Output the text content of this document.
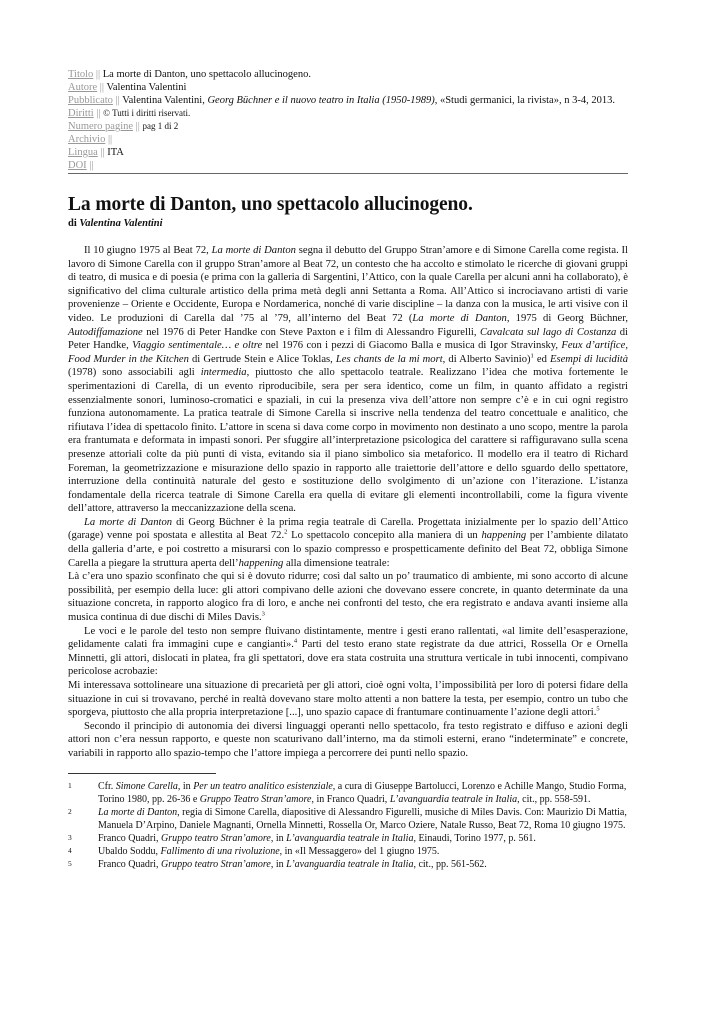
Titolo || La morte di Danton, uno spettacolo allucinogeno.
Autore || Valentina Valentini
Pubblicato || Valentina Valentini, Georg Büchner e il nuovo teatro in Italia (1950-1989), «Studi germanici, la rivista», n 3-4, 2013.
Diritti || © Tutti i diritti riservati.
Numero pagine || pag 1 di 2
Archivio ||
Lingua || ITA
DOI ||
La morte di Danton, uno spettacolo allucinogeno.
di Valentina Valentini

Il 10 giugno 1975 al Beat 72, La morte di Danton segna il debutto del Gruppo Stran’amore e di Simone Carella come regista. Il lavoro di Simone Carella con il gruppo Stran’amore al Beat 72, un contesto che ha accolto e stimolato le ricerche di giovani gruppi di teatro, di musica e di poesia (e prima con la galleria di Sargentini, l’Attico, con la quale Carella per alcuni anni ha collaborato), è significativo del clima culturale artistico della prima metà degli anni Settanta a Roma. All’Attico si incrociavano artisti di varie provenienze – Oriente e Occidente, Europa e Nordamerica, nonché di varie discipline – la danza con la musica, le arti visive con il video. Le produzioni di Carella dal ’75 al ’79, all’interno del Beat 72 (La morte di Danton, 1975 di Georg Büchner, Autodiffamazione nel 1976 di Peter Handke con Steve Paxton e i film di Alessandro Figurelli, Cavalcata sul lago di Costanza di Peter Handke, Viaggio sentimentale… e oltre nel 1976 con i pezzi di Giacomo Balla e musica di Igor Stravinsky, Feux d’artifice, Food Murder in the Kitchen di Gertrude Stein e Alice Toklas, Les chants de la mi mort, di Alberto Savinio)$^1$ ed Esempi di lucidità (1978) sono associabili agli intermedia, piuttosto che allo spettacolo teatrale. Realizzano l’idea che motiva fortemente le sperimentazioni di Carella, di un evento riproducibile, sera per sera identico, come un film, in quanto affidato a registri essenzialmente sonori, luminoso-cromatici e spaziali, in cui la presenza viva dell’attore non sempre c’è e in cui ogni registro funziona autonomamente. La pratica teatrale di Simone Carella si inscrive nella tendenza del teatro concettuale e analitico, che rifiutava l’idea di spettacolo finito. L’attore in scena si dava come corpo in movimento non destinato a uno scopo, mentre la parola era frantumata e deformata in impasti sonori. Per sfuggire all’interpretazione psicologica del carattere si raffiguravano sulla scena presenze attoriali colte da più punti di vista, evitando sia il piano simbolico sia metaforico. Il modello era il teatro di Richard Foreman, la geometrizzazione e misurazione dello spazio in rapporto alle traiettorie dell’attore e dello sguardo dello spettatore, interruzione della continuità naturale del gesto e sostituzione dello svolgimento di un’azione con l’iterazione. L’istanza fondamentale della ricerca teatrale di Simone Carella era quella di evitare gli elementi incontrollabili, come la figura vivente dell’attore, attraverso la meccanizzazione della scena.

La morte di Danton di Georg Büchner è la prima regia teatrale di Carella. Progettata inizialmente per lo spazio dell’Attico (garage) venne poi spostata e allestita al Beat 72.$^2$ Lo spettacolo concepito alla maniera di un happening per l’ambiente dilatato della galleria d’arte, e poi costretto a misurarsi con lo spazio compresso e prospetticamente definito del Beat 72, obbliga Simone Carella a piegare la struttura aperta dell’happening alla dimensione teatrale:

Là c’era uno spazio sconfinato che qui si è dovuto ridurre; così dal salto un po’ traumatico di ambiente, mi sono accorto di alcune possibilità, per esempio della luce: gli attori compivano delle azioni che dovevano essere concrete, in quanto determinate da una situazione concreta, in rapporto alogico fra di loro, e anche nei confronti del testo, che era registrato e andava avanti insieme alla musica continua di due dischi di Miles Davis.$^3$

Le voci e le parole del testo non sempre fluivano distintamente, mentre i gesti erano rallentati, «al limite dell’esasperazione, gelidamente calati fra immagini cupe e cangianti».$^4$ Parti del testo erano state registrate da due attrici, Rossella Or e Ornella Minnetti, gli attori, dislocati in platea, fra gli spettatori, dove era stata costruita una struttura verticale in tubi innocenti, compivano pericolose acrobazie:

Mi interessava sottolineare una situazione di precarietà per gli attori, cioè ogni volta, l’impossibilità per loro di potersi fidare della situazione in cui si trovavano, perché in realtà dovevano stare molto attenti a non battere la testa, per esempio, contro un tubo che sporgeva, piuttosto che alla propria interpretazione [...], uno spazio capace di frantumare continuamente l’azione degli attori.$^5$

Secondo il principio di autonomia dei diversi linguaggi operanti nello spettacolo, fra testo registrato e diffuso e azioni degli attori non c’era nessun rapporto, e queste non scaturivano dall’interno, ma da stimoli esterni, erano “indeterminate” e concrete, variabili in rapporto allo spazio-tempo che l’attore impiega a percorrere dei punti nello spazio.

1	Cfr. Simone Carella, in Per un teatro analitico esistenziale, a cura di Giuseppe Bartolucci, Lorenzo e Achille Mango, Studio Forma, Torino 1980, pp. 26-36 e Gruppo Teatro Stran’amore, in Franco Quadri, L’avanguardia teatrale in Italia, cit., pp. 558-591.
2	La morte di Danton, regia di Simone Carella, diapositive di Alessandro Figurelli, musiche di Miles Davis. Con: Maurizio Di Mattia, Manuela D’Arpino, Daniele Magnanti, Ornella Minnetti, Rossella Or, Marco Oziere, Natale Russo, Beat 72, Roma 10 giugno 1975.
3	Franco Quadri, Gruppo teatro Stran’amore, in L’avanguardia teatrale in Italia, Einaudi, Torino 1977, p. 561.
4	Ubaldo Soddu, Fallimento di una rivoluzione, in «Il Messaggero» del 1 giugno 1975.
5	Franco Quadri, Gruppo teatro Stran’amore, in L’avanguardia teatrale in Italia, cit., pp. 561-562.
